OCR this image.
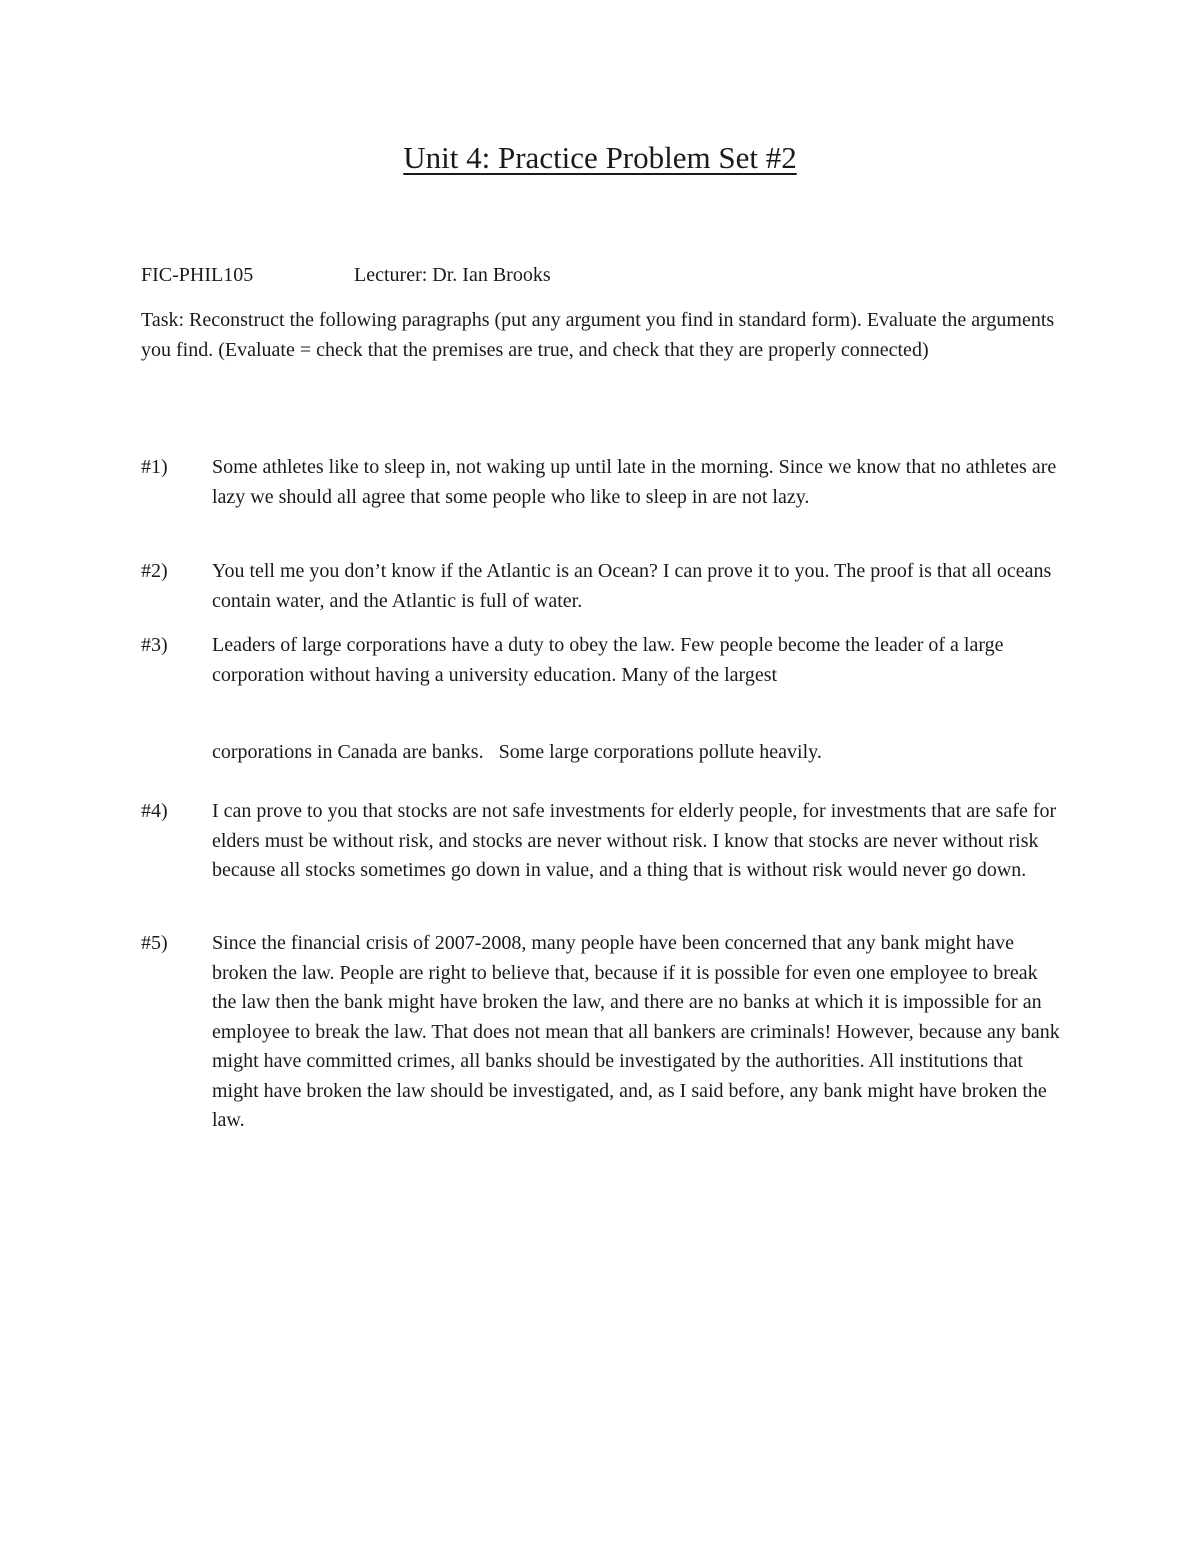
Unit 4: Practice Problem Set #2
FIC-PHIL105	Lecturer: Dr. Ian Brooks
Task: Reconstruct the following paragraphs (put any argument you find in standard form). Evaluate the arguments you find. (Evaluate = check that the premises are true, and check that they are properly connected)
#1) Some athletes like to sleep in, not waking up until late in the morning. Since we know that no athletes are lazy we should all agree that some people who like to sleep in are not lazy.
#2) You tell me you don’t know if the Atlantic is an Ocean? I can prove it to you. The proof is that all oceans contain water, and the Atlantic is full of water.
#3) Leaders of large corporations have a duty to obey the law. Few people become the leader of a large corporation without having a university education. Many of the largest
corporations in Canada are banks.   Some large corporations pollute heavily.
#4) I can prove to you that stocks are not safe investments for elderly people, for investments that are safe for elders must be without risk, and stocks are never without risk. I know that stocks are never without risk because all stocks sometimes go down in value, and a thing that is without risk would never go down.
#5) Since the financial crisis of 2007-2008, many people have been concerned that any bank might have broken the law. People are right to believe that, because if it is possible for even one employee to break the law then the bank might have broken the law, and there are no banks at which it is impossible for an employee to break the law. That does not mean that all bankers are criminals! However, because any bank might have committed crimes, all banks should be investigated by the authorities. All institutions that might have broken the law should be investigated, and, as I said before, any bank might have broken the law.
